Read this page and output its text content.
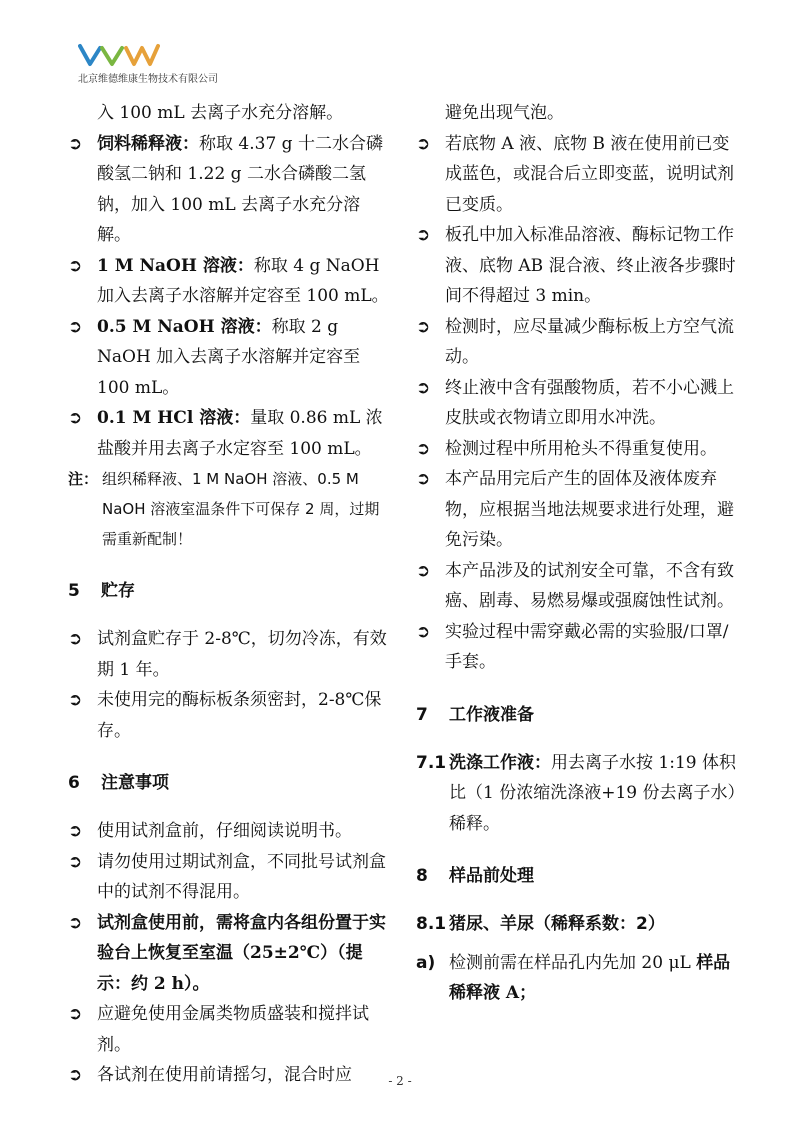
北京维德维康生物技术有限公司
入 100 mL 去离子水充分溶解。
➲ 饲料稀释液：称取 4.37 g 十二水合磷酸氢二钠和 1.22 g 二水合磷酸二氢钠，加入 100 mL 去离子水充分溶解。
➲ 1 M NaOH 溶液：称取 4 g NaOH 加入去离子水溶解并定容至 100 mL。
➲ 0.5 M NaOH 溶液：称取 2 g NaOH 加入去离子水溶解并定容至 100 mL。
➲ 0.1 M HCl 溶液：量取 0.86 mL 浓盐酸并用去离子水定容至 100 mL。
注： 组织稀释液、1 M NaOH 溶液、0.5 M NaOH 溶液室温条件下可保存 2 周，过期需重新配制！
5 贮存
➲ 试剂盒贮存于 2-8℃，切勿冷冻，有效期 1 年。
➲ 未使用完的酶标板条须密封，2-8℃保存。
6 注意事项
➲ 使用试剂盒前，仔细阅读说明书。
➲ 请勿使用过期试剂盒，不同批号试剂盒中的试剂不得混用。
➲ 试剂盒使用前，需将盒内各组份置于实验台上恢复至室温（25±2℃）（提示：约 2 h）。
➲ 应避免使用金属类物质盛装和搅拌试剂。
➲ 各试剂在使用前请摇匀，混合时应
避免出现气泡。
➲ 若底物 A 液、底物 B 液在使用前已变成蓝色，或混合后立即变蓝，说明试剂已变质。
➲ 板孔中加入标准品溶液、酶标记物工作液、底物 AB 混合液、终止液各步骤时间不得超过 3 min。
➲ 检测时，应尽量减少酶标板上方空气流动。
➲ 终止液中含有强酸物质，若不小心溅上皮肤或衣物请立即用水冲洗。
➲ 检测过程中所用枪头不得重复使用。
➲ 本产品用完后产生的固体及液体废弃物，应根据当地法规要求进行处理，避免污染。
➲ 本产品涉及的试剂安全可靠，不含有致癌、剧毒、易燃易爆或强腐蚀性试剂。
➲ 实验过程中需穿戴必需的实验服/口罩/手套。
7 工作液准备
7.1 洗涤工作液：用去离子水按 1:19 体积比（1 份浓缩洗涤液+19 份去离子水）稀释。
8 样品前处理
8.1 猪尿、羊尿（稀释系数：2）
a) 检测前需在样品孔内先加 20 μL 样品稀释液 A；
- 2 -
